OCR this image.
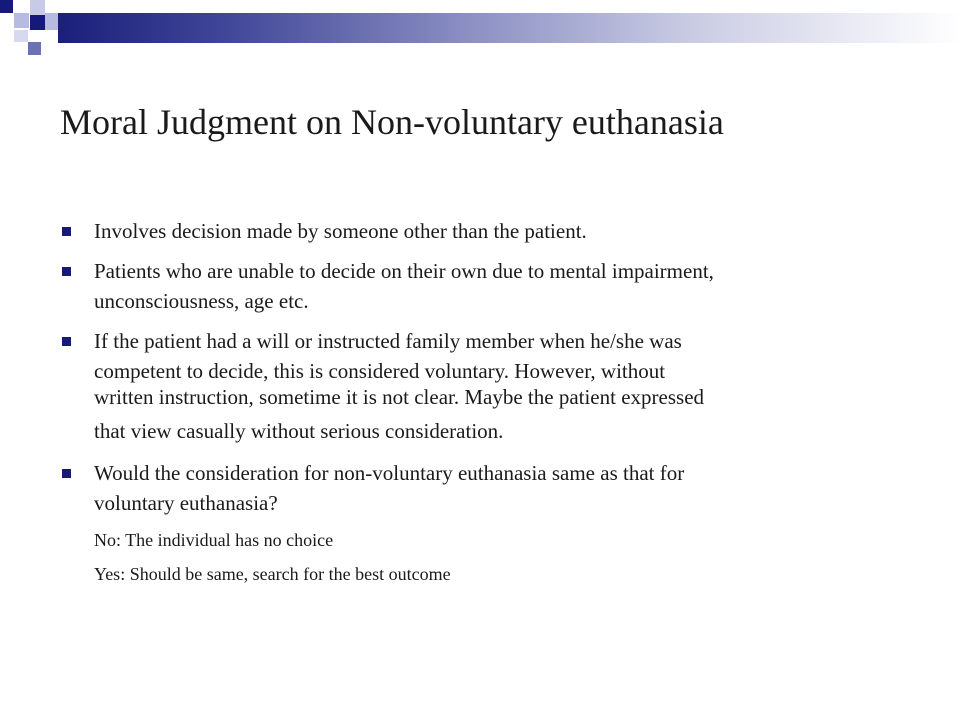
Moral Judgment on Non-voluntary euthanasia
Involves decision made by someone other than the patient.
Patients who are unable to decide on their own due to mental impairment,
unconsciousness, age etc.
If the patient had a will or instructed family member when he/she was
competent to decide, this is considered voluntary. However, without
written instruction, sometime it is not clear. Maybe the patient expressed
that view casually without serious consideration.
Would the consideration for non-voluntary euthanasia same as that for
voluntary euthanasia?
No: The individual has no choice
Yes: Should be same, search for the best outcome
